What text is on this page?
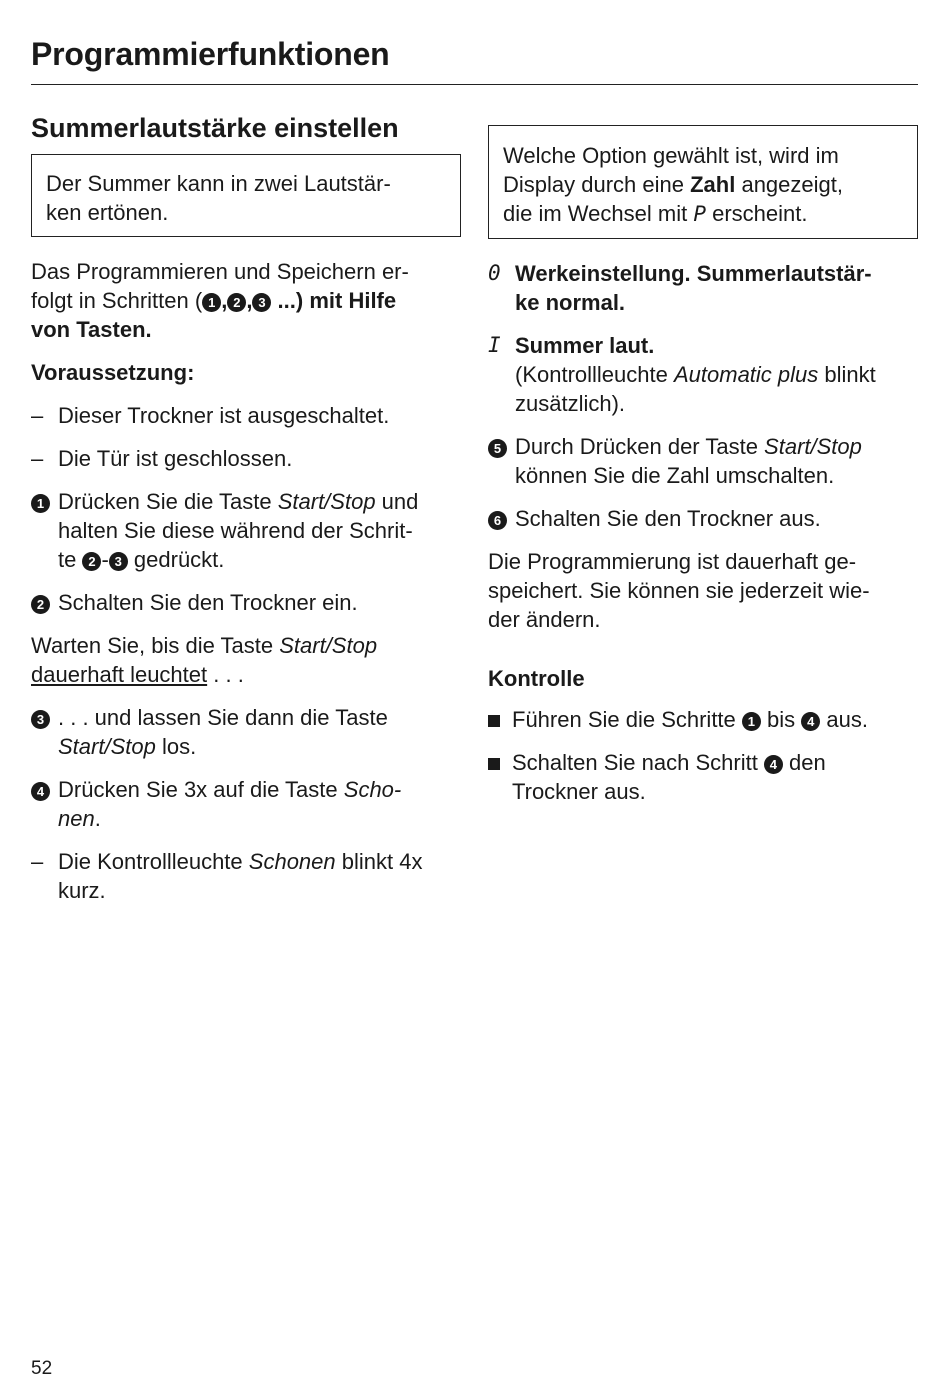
Programmierfunktionen
Summerlautstärke einstellen
Der Summer kann in zwei Lautstär-
ken ertönen.

Das Programmieren und Speichern er-
folgt in Schritten ( 1 , 2 , 3 ...) mit Hilfe
von Tasten.

Voraussetzung:

– Dieser Trockner ist ausgeschaltet.
– Die Tür ist geschlossen.
1 Drücken Sie die Taste Start/Stop und
halten Sie diese während der Schrit-
te 2 - 3 gedrückt.
2 Schalten Sie den Trockner ein.

Warten Sie, bis die Taste Start/Stop
dauerhaft leuchtet . . .

3 . . . und lassen Sie dann die Taste
Start/Stop los.
4 Drücken Sie 3x auf die Taste Scho-
nen.
– Die Kontrollleuchte Schonen blinkt 4x
kurz.
Welche Option gewählt ist, wird im
Display durch eine Zahl angezeigt,
die im Wechsel mit P erscheint.
0 Werkeinstellung. Summerlautstär-
ke normal.
I Summer laut.
(Kontrollleuchte Automatic plus blinkt
zusätzlich).
5 Durch Drücken der Taste Start/Stop
können Sie die Zahl umschalten.
6 Schalten Sie den Trockner aus.

Die Programmierung ist dauerhaft ge-
speichert. Sie können sie jederzeit wie-
der ändern.

Kontrolle
Führen Sie die Schritte 1 bis 4 aus.
Schalten Sie nach Schritt 4 den
Trockner aus.
52
